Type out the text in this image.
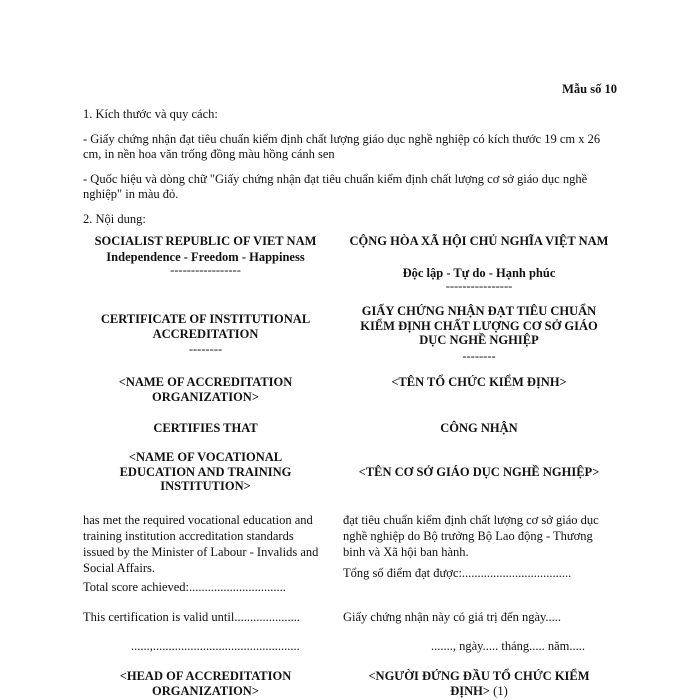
Mẫu số 10

1. Kích thước và quy cách:

- Giấy chứng nhận đạt tiêu chuẩn kiểm định chất lượng giáo dục nghề nghiệp có kích thước 19 cm x 26 cm, in nền hoa văn trống đồng màu hồng cánh sen

- Quốc hiệu và dòng chữ "Giấy chứng nhận đạt tiêu chuẩn kiểm định chất lượng cơ sở giáo dục nghề nghiệp" in màu đỏ.

2. Nội dung:

SOCIALIST REPUBLIC OF VIET NAM
Independence - Freedom - Happiness
-----------------
CERTIFICATE OF INSTITUTIONAL ACCREDITATION
--------
<NAME OF ACCREDITATION ORGANIZATION>
CERTIFIES THAT
<NAME OF VOCATIONAL EDUCATION AND TRAINING INSTITUTION>
has met the required vocational education and training institution accreditation standards issued by the Minister of Labour - Invalids and Social Affairs.
Total score achieved:...............................
This certification is valid until.....................
......,...............................................
<HEAD OF ACCREDITATION ORGANIZATION>
CỘNG HÒA XÃ HỘI CHỦ NGHĨA VIỆT NAM
Độc lập - Tự do - Hạnh phúc
----------------
GIẤY CHỨNG NHẬN ĐẠT TIÊU CHUẨN KIỂM ĐỊNH CHẤT LƯỢNG CƠ SỞ GIÁO DỤC NGHỀ NGHIỆP
--------
<TÊN TỔ CHỨC KIỂM ĐỊNH>
CÔNG NHẬN
<TÊN CƠ SỞ GIÁO DỤC NGHỀ NGHIỆP>
đạt tiêu chuẩn kiểm định chất lượng cơ sở giáo dục nghề nghiệp do Bộ trưởng Bộ Lao động - Thương binh và Xã hội ban hành.
Tổng số điểm đạt được:...................................
Giấy chứng nhận này có giá trị đến ngày.....
......., ngày..... tháng..... năm.....
<NGƯỜI ĐỨNG ĐẦU TỔ CHỨC KIỂM ĐỊNH> (1)
